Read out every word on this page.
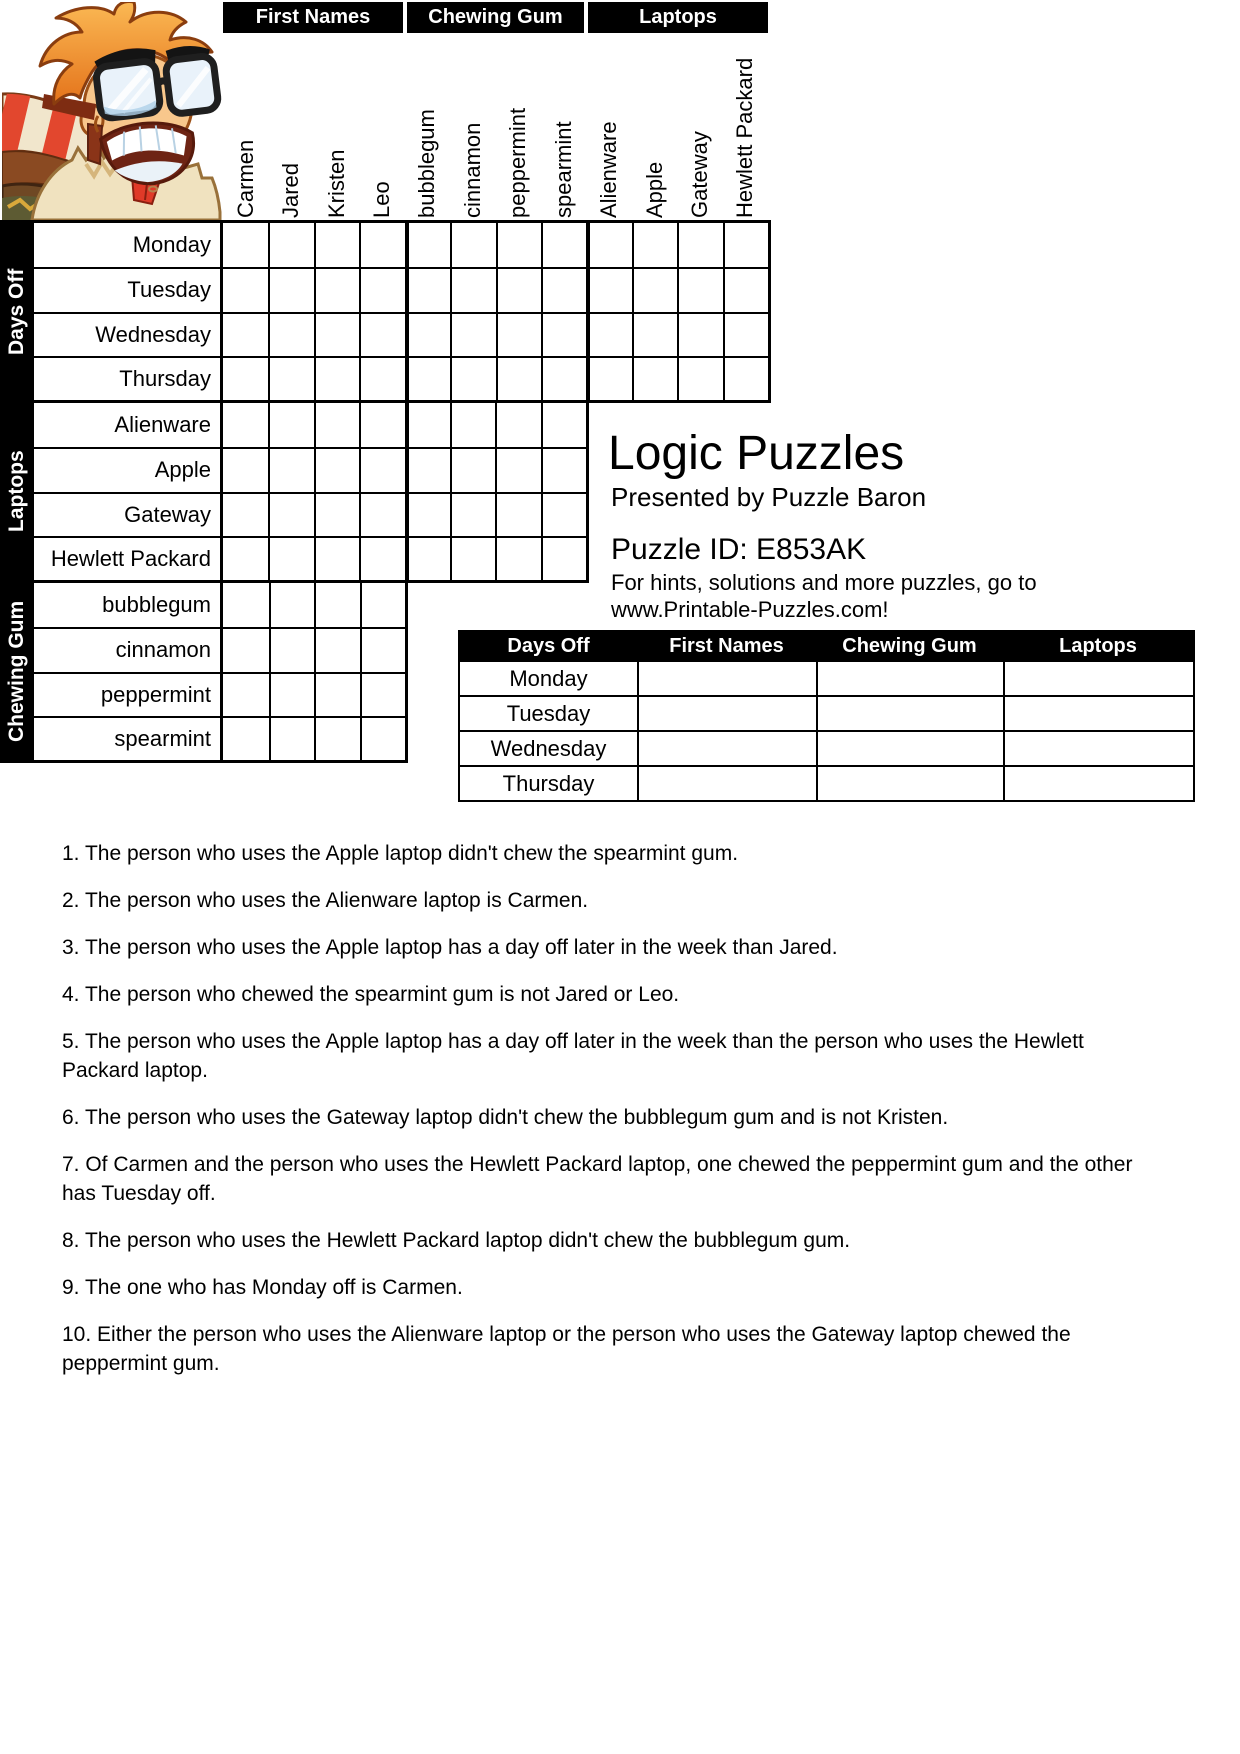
First Names	Chewing Gum	Laptops
Carmen Jared Kristen Leo bubblegum cinnamon peppermint spearmint Alienware Apple Gateway Hewlett Packard
Monday
Tuesday
Wednesday
Thursday
Days Off
Alienware
Apple
Gateway
Hewlett Packard
Laptops
bubblegum
cinnamon
peppermint
spearmint
Chewing Gum
Logic Puzzles
Presented by Puzzle Baron
Puzzle ID: E853AK
For hints, solutions and more puzzles, go to
www.Printable-Puzzles.com!
Days Off	First Names	Chewing Gum	Laptops
Monday
Tuesday
Wednesday
Thursday

1. The person who uses the Apple laptop didn't chew the spearmint gum.

2. The person who uses the Alienware laptop is Carmen.

3. The person who uses the Apple laptop has a day off later in the week than Jared.

4. The person who chewed the spearmint gum is not Jared or Leo.

5. The person who uses the Apple laptop has a day off later in the week than the person who uses the Hewlett Packard laptop.

6. The person who uses the Gateway laptop didn't chew the bubblegum gum and is not Kristen.

7. Of Carmen and the person who uses the Hewlett Packard laptop, one chewed the peppermint gum and the other has Tuesday off.

8. The person who uses the Hewlett Packard laptop didn't chew the bubblegum gum.

9. The one who has Monday off is Carmen.

10. Either the person who uses the Alienware laptop or the person who uses the Gateway laptop chewed the peppermint gum.
